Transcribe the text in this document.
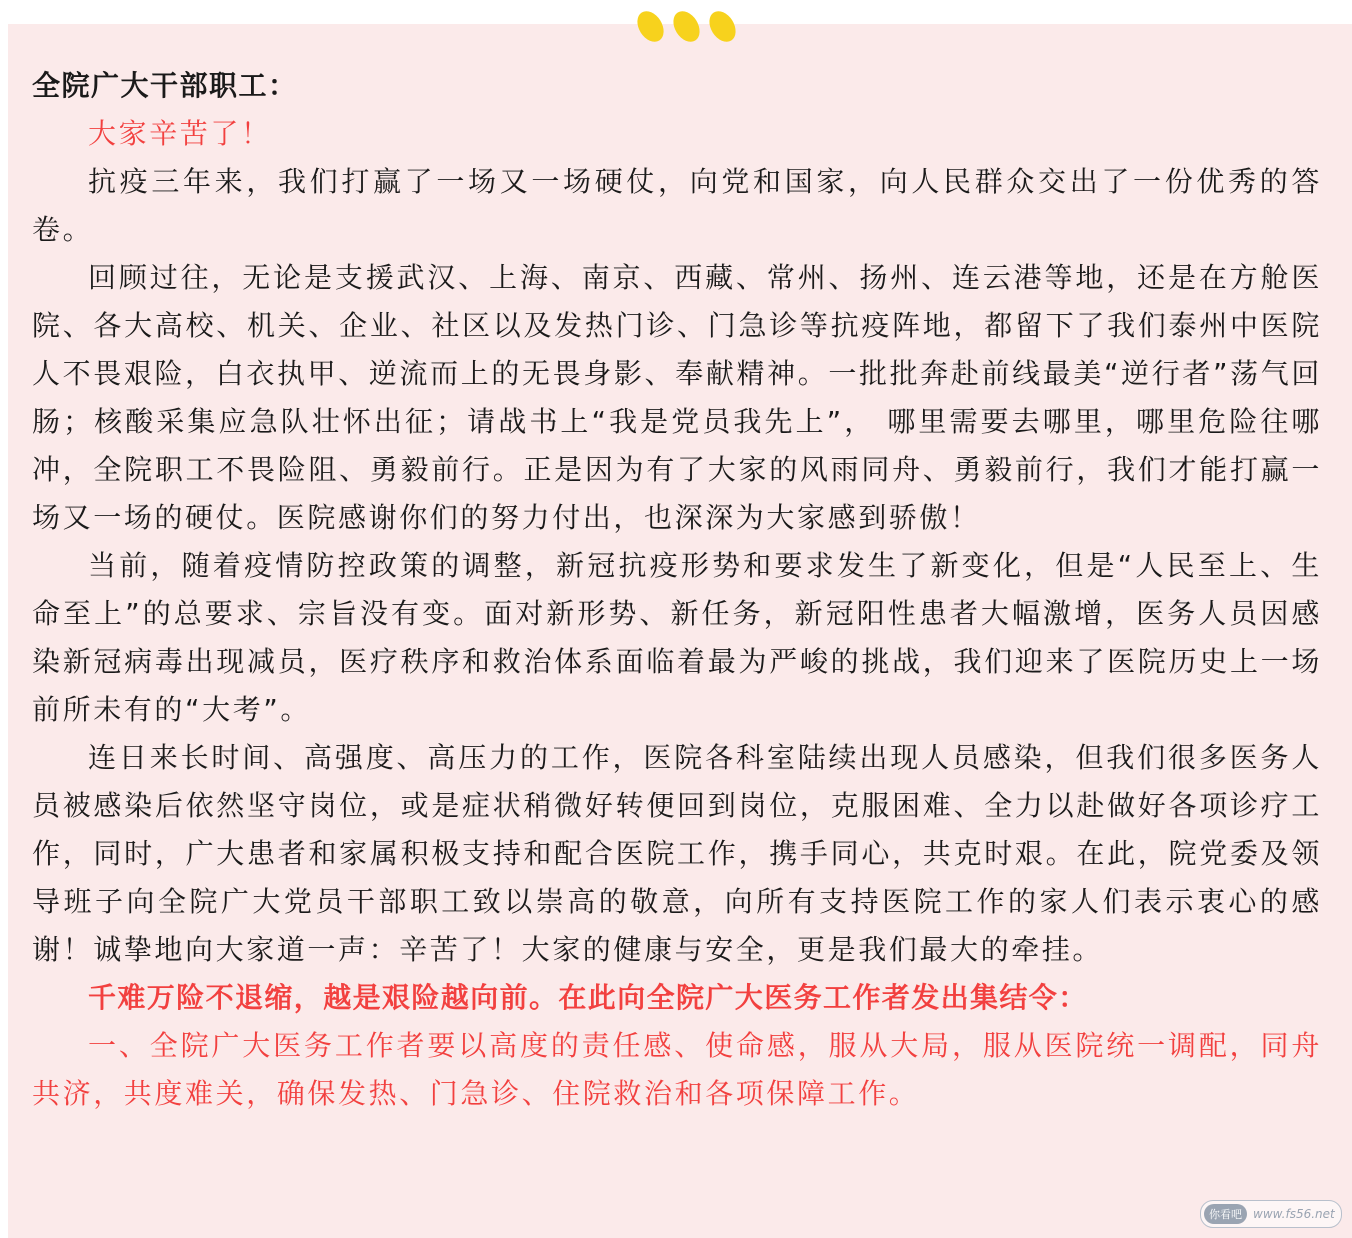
全院广大干部职工：

大家辛苦了！

抗疫三年来，我们打赢了一场又一场硬仗，向党和国家，向人民群众交出了一份优秀的答卷。

回顾过往，无论是支援武汉、上海、南京、西藏、常州、扬州、连云港等地，还是在方舱医院、各大高校、机关、企业、社区以及发热门诊、门急诊等抗疫阵地，都留下了我们泰州中医院人不畏艰险，白衣执甲、逆流而上的无畏身影、奉献精神。一批批奔赴前线最美“逆行者”荡气回肠；核酸采集应急队壮怀出征；请战书上“我是党员我先上”， 哪里需要去哪里，哪里危险往哪冲，全院职工不畏险阻、勇毅前行。正是因为有了大家的风雨同舟、勇毅前行，我们才能打赢一场又一场的硬仗。医院感谢你们的努力付出，也深深为大家感到骄傲！

当前，随着疫情防控政策的调整，新冠抗疫形势和要求发生了新变化，但是“人民至上、生命至上”的总要求、宗旨没有变。面对新形势、新任务，新冠阳性患者大幅激增，医务人员因感染新冠病毒出现减员，医疗秩序和救治体系面临着最为严峻的挑战，我们迎来了医院历史上一场前所未有的“大考”。

连日来长时间、高强度、高压力的工作，医院各科室陆续出现人员感染，但我们很多医务人员被感染后依然坚守岗位，或是症状稍微好转便回到岗位，克服困难、全力以赴做好各项诊疗工作，同时，广大患者和家属积极支持和配合医院工作，携手同心，共克时艰。在此，院党委及领导班子向全院广大党员干部职工致以崇高的敬意，向所有支持医院工作的家人们表示衷心的感谢！诚挚地向大家道一声：辛苦了！大家的健康与安全，更是我们最大的牵挂。

千难万险不退缩，越是艰险越向前。在此向全院广大医务工作者发出集结令：

一、全院广大医务工作者要以高度的责任感、使命感，服从大局，服从医院统一调配，同舟共济，共度难关，确保发热、门急诊、住院救治和各项保障工作。

你看吧 www.fs56.net
